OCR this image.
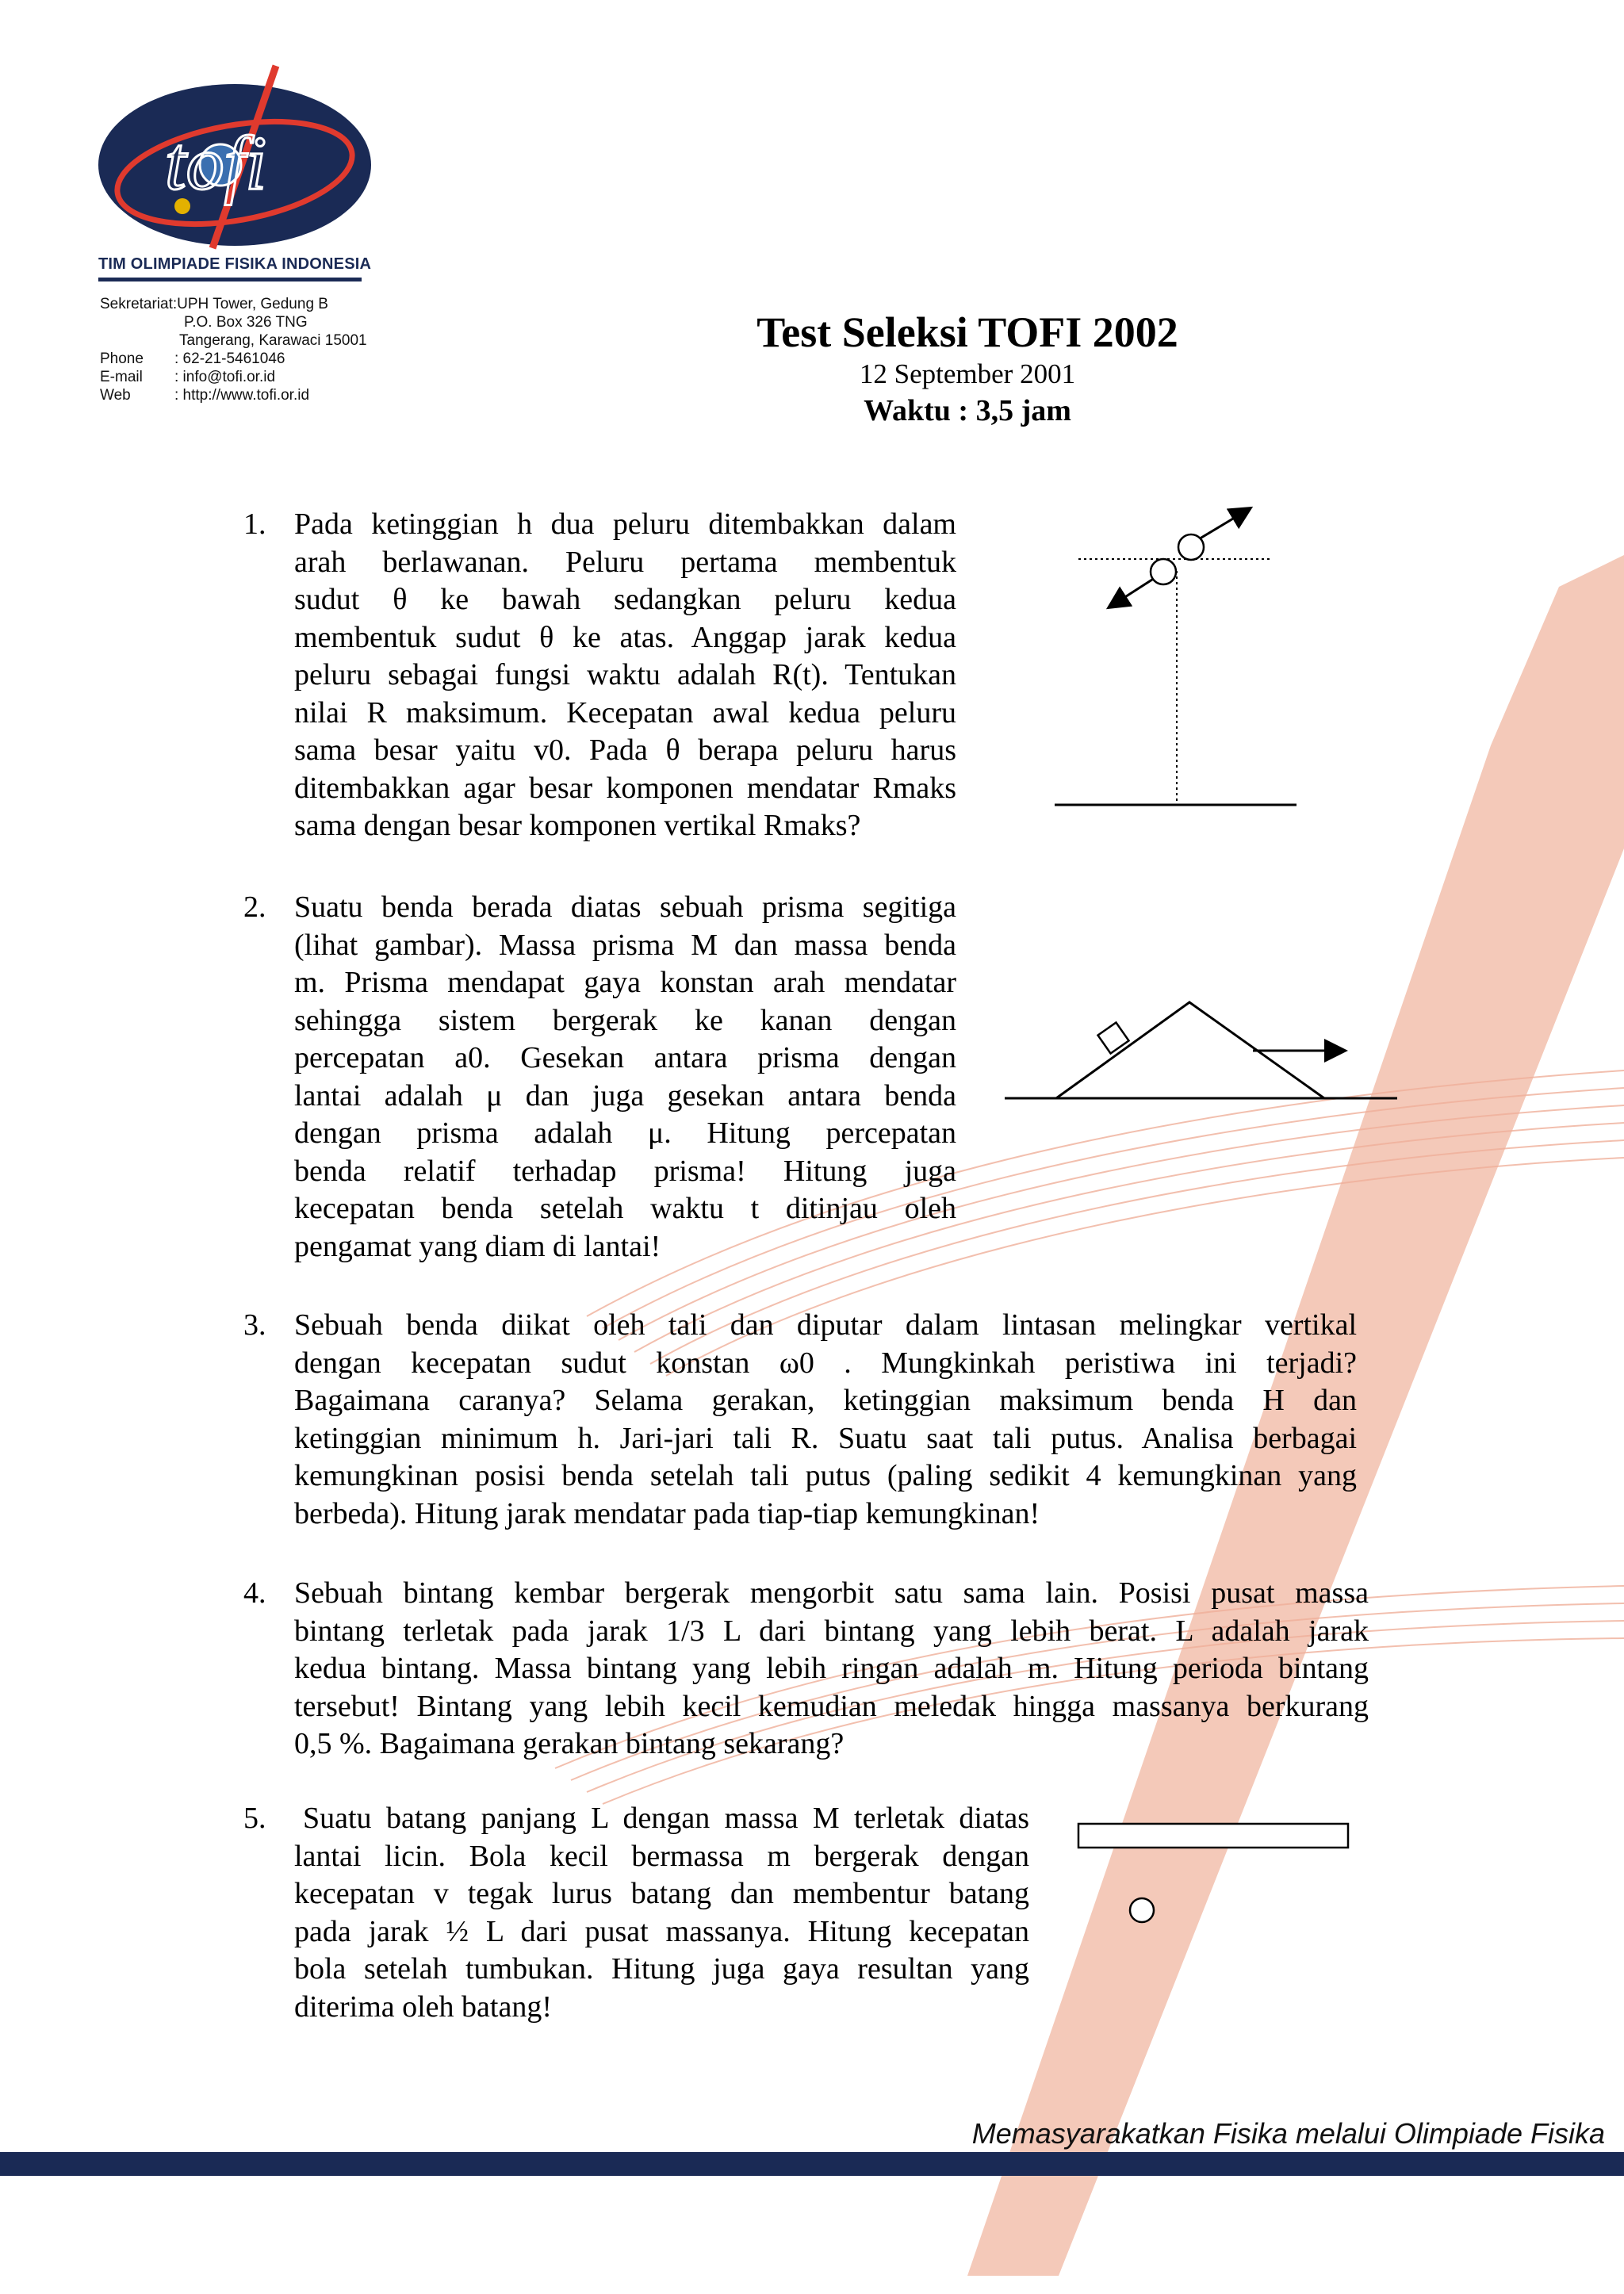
tofi
TIM OLIMPIADE FISIKA INDONESIA
Sekretariat:UPH Tower, Gedung B
P.O. Box 326 TNG
Tangerang, Karawaci 15001
Phone : 62-21-5461046
E-mail : info@tofi.or.id
Web	: http://www.tofi.or.id
Test Seleksi TOFI 2002
12 September 2001
Waktu : 3,5 jam
1. Pada ketinggian h dua peluru ditembakkan dalam

arah berlawanan. Peluru pertama membentuk

sudut θ ke bawah sedangkan peluru kedua

membentuk sudut θ ke atas. Anggap jarak kedua

peluru sebagai fungsi waktu adalah R(t). Tentukan

nilai R maksimum. Kecepatan awal kedua peluru

sama besar yaitu v0. Pada θ berapa peluru harus

ditembakkan agar besar komponen mendatar Rmaks

sama dengan besar komponen vertikal Rmaks?

2. Suatu benda berada diatas sebuah prisma segitiga

(lihat gambar). Massa prisma M dan massa benda

m. Prisma mendapat gaya konstan arah mendatar

sehingga sistem bergerak ke kanan dengan

percepatan a0. Gesekan antara prisma dengan

lantai adalah μ dan juga gesekan antara benda

dengan prisma adalah μ. Hitung percepatan

benda relatif terhadap prisma! Hitung juga

kecepatan benda setelah waktu t ditinjau oleh

pengamat yang diam di lantai!

3. Sebuah benda diikat oleh tali dan diputar dalam lintasan melingkar vertikal

dengan kecepatan sudut konstan ω0 . Mungkinkah peristiwa ini terjadi?

Bagaimana caranya? Selama gerakan, ketinggian maksimum benda H dan

ketinggian minimum h. Jari-jari tali R. Suatu saat tali putus. Analisa berbagai

kemungkinan posisi benda setelah tali putus (paling sedikit 4 kemungkinan yang

berbeda). Hitung jarak mendatar pada tiap-tiap kemungkinan!

4. Sebuah bintang kembar bergerak mengorbit satu sama lain. Posisi pusat massa

bintang terletak pada jarak 1/3 L dari bintang yang lebih berat. L adalah jarak

kedua bintang. Massa bintang yang lebih ringan adalah m. Hitung perioda bintang

tersebut! Bintang yang lebih kecil kemudian meledak hingga massanya berkurang

0,5 %. Bagaimana gerakan bintang sekarang?

5. Suatu batang panjang L dengan massa M terletak diatas

lantai licin. Bola kecil bermassa m bergerak dengan

kecepatan v tegak lurus batang dan membentur batang

pada jarak ½ L dari pusat massanya. Hitung kecepatan

bola setelah tumbukan. Hitung juga gaya resultan yang

diterima oleh batang!

Memasyarakatkan Fisika melalui Olimpiade Fisika
